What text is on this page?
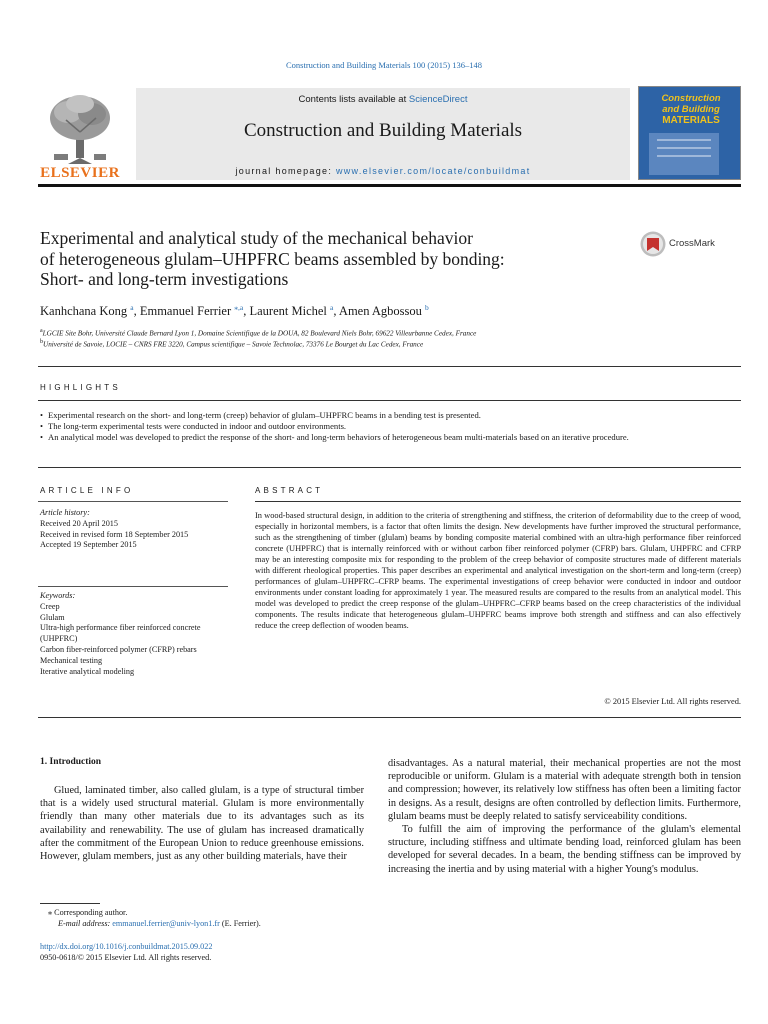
Construction and Building Materials 100 (2015) 136–148
ELSEVIER
Contents lists available at ScienceDirect
Construction and Building Materials
journal homepage: www.elsevier.com/locate/conbuildmat
Construction
and Building
MATERIALS
Experimental and analytical study of the mechanical behavior
of heterogeneous glulam–UHPFRC beams assembled by bonding:
Short- and long-term investigations
CrossMark
Kanhchana Kong $^a$, Emmanuel Ferrier $^{⁎,a}$, Laurent Michel $^a$, Amen Agbossou $^b$
$^a$LGCIE Site Bohr, Université Claude Bernard Lyon 1, Domaine Scientifique de la DOUA, 82 Boulevard Niels Bohr, 69622 Villeurbanne Cedex, France
$^b$Université de Savoie, LOCIE – CNRS FRE 3220, Campus scientifique – Savoie Technolac, 73376 Le Bourget du Lac Cedex, France
HIGHLIGHTS
• Experimental research on the short- and long-term (creep) behavior of glulam–UHPFRC beams in a bending test is presented.
• The long-term experimental tests were conducted in indoor and outdoor environments.
• An analytical model was developed to predict the response of the short- and long-term behaviors of heterogeneous beam multi-materials based on an iterative procedure.
ARTICLE INFO
Article history:
Received 20 April 2015
Received in revised form 18 September 2015
Accepted 19 September 2015
Keywords:
Creep
Glulam
Ultra-high performance fiber reinforced concrete (UHPFRC)
Carbon fiber-reinforced polymer (CFRP) rebars
Mechanical testing
Iterative analytical modeling
ABSTRACT
In wood-based structural design, in addition to the criteria of strengthening and stiffness, the criterion of deformability due to the creep of wood, especially in horizontal members, is a factor that often limits the design. New developments have further improved the structural performance, such as the strengthening of timber (glulam) beams by bonding composite material combined with an ultra-high performance fiber reinforced concrete (UHPFRC) that is internally reinforced with or without carbon fiber reinforced polymer (CFRP) bars. Glulam, UHPFRC and CFRP may be an interesting composite mix for responding to the problem of the creep behavior of composite structures made of different materials with different rheological properties. This paper describes an experimental and analytical investigation on the short-term and long-term (creep) performances of glulam–UHPFRC–CFRP beams. The experimental investigations of creep behavior were conducted in indoor and outdoor environments under constant loading for approximately 1 year. The measured results are compared to the results from an analytical model. This model was developed to predict the creep response of the glulam–UHPFRC–CFRP beams based on the creep characteristics of the individual components. The results indicate that heterogeneous glulam–UHPFRC beams improve both strength and stiffness and can also effectively reduce the creep deflection of wooden beams.
© 2015 Elsevier Ltd. All rights reserved.
1. Introduction

Glued, laminated timber, also called glulam, is a type of structural timber that is a widely used structural material. Glulam is more environmentally friendly than many other materials due to its advantages such as its availability and renewability. The use of glulam has increased dramatically after the commitment of the European Union to reduce greenhouse emissions. However, glulam members, just as any other building materials, have their

disadvantages. As a natural material, their mechanical properties are not the most reproducible or uniform. Glulam is a material with adequate strength both in tension and compression; however, its relatively low stiffness has often been a limiting factor in designs. As a result, designs are often controlled by deflection limits. Furthermore, glulam beams must be deeply related to satisfy serviceability conditions.

To fulfill the aim of improving the performance of the glulam's elemental structure, including stiffness and ultimate bending load, reinforced glulam has been developed for several decades. In a beam, the bending stiffness can be improved by increasing the inertia and by using material with a higher Young's modulus.

⁎ Corresponding author.
E-mail address: emmanuel.ferrier@univ-lyon1.fr (E. Ferrier).
http://dx.doi.org/10.1016/j.conbuildmat.2015.09.022
0950-0618/© 2015 Elsevier Ltd. All rights reserved.
